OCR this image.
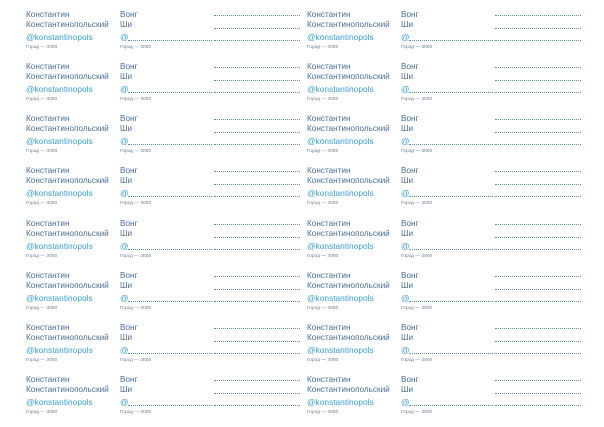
Константин
Константинопольский
@konstantinopols
Город — 3000
Вонг
Ши
@
Город — 3000
Константин
Константинопольский
@konstantinopols
Город — 3000
Вонг
Ши
@
Город — 3000
Константин
Константинопольский
@konstantinopols
Город — 3000
Вонг
Ши
@
Город — 3000
Константин
Константинопольский
@konstantinopols
Город — 3000
Вонг
Ши
@
Город — 3000
Константин
Константинопольский
@konstantinopols
Город — 3000
Вонг
Ши
@
Город — 3000
Константин
Константинопольский
@konstantinopols
Город — 3000
Вонг
Ши
@
Город — 3000
Константин
Константинопольский
@konstantinopols
Город — 3000
Вонг
Ши
@
Город — 3000
Константин
Константинопольский
@konstantinopols
Город — 3000
Вонг
Ши
@
Город — 3000
Константин
Константинопольский
@konstantinopols
Город — 3000
Вонг
Ши
@
Город — 3000
Константин
Константинопольский
@konstantinopols
Город — 3000
Вонг
Ши
@
Город — 3000
Константин
Константинопольский
@konstantinopols
Город — 3000
Вонг
Ши
@
Город — 3000
Константин
Константинопольский
@konstantinopols
Город — 3000
Вонг
Ши
@
Город — 3000
Константин
Константинопольский
@konstantinopols
Город — 3000
Вонг
Ши
@
Город — 3000
Константин
Константинопольский
@konstantinopols
Город — 3000
Вонг
Ши
@
Город — 3000
Константин
Константинопольский
@konstantinopols
Город — 3000
Вонг
Ши
@
Город — 3000
Константин
Константинопольский
@konstantinopols
Город — 3000
Вонг
Ши
@
Город — 3000
